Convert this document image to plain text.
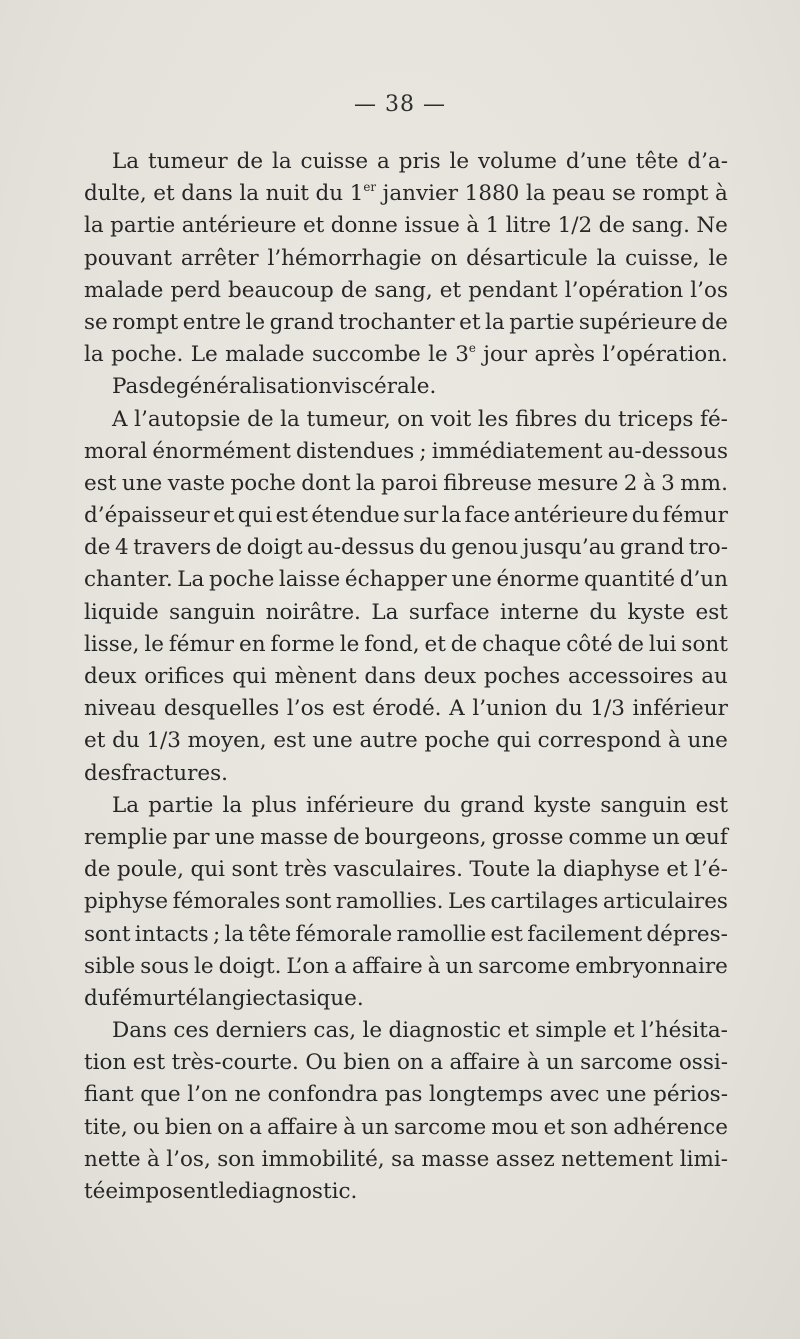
— 38 —
La tumeur de la cuisse a pris le volume d’une tête d’a-
dulte, et dans la nuit du 1er janvier 1880 la peau se rompt à
la partie antérieure et donne issue à 1 litre 1/2 de sang. Ne
pouvant arrêter l’hémorrhagie on désarticule la cuisse, le
malade perd beaucoup de sang, et pendant l’opération l’os
se rompt entre le grand trochanter et la partie supérieure de
la poche. Le malade succombe le 3e jour après l’opération.
Pas de généralisation viscérale.
A l’autopsie de la tumeur, on voit les fibres du triceps fé-
moral énormément distendues ; immédiatement au-dessous
est une vaste poche dont la paroi fibreuse mesure 2 à 3 mm.
d’épaisseur et qui est étendue sur la face antérieure du fémur
de 4 travers de doigt au-dessus du genou jusqu’au grand tro-
chanter. La poche laisse échapper une énorme quantité d’un
liquide sanguin noirâtre. La surface interne du kyste est
lisse, le fémur en forme le fond, et de chaque côté de lui sont
deux orifices qui mènent dans deux poches accessoires au
niveau desquelles l’os est érodé. A l’union du 1/3 inférieur
et du 1/3 moyen, est une autre poche qui correspond à une
des fractures.
La partie la plus inférieure du grand kyste sanguin est
remplie par une masse de bourgeons, grosse comme un œuf
de poule, qui sont très vasculaires. Toute la diaphyse et l’é-
piphyse fémorales sont ramollies. Les cartilages articulaires
sont intacts ; la tête fémorale ramollie est facilement dépres-
sible sous le doigt. L’on a affaire à un sarcome embryonnaire
du fémur télangiectasique.
Dans ces derniers cas, le diagnostic et simple et l’hésita-
tion est très-courte. Ou bien on a affaire à un sarcome ossi-
fiant que l’on ne confondra pas longtemps avec une périos-
tite, ou bien on a affaire à un sarcome mou et son adhérence
nette à l’os, son immobilité, sa masse assez nettement limi-
tée imposent le diagnostic.
